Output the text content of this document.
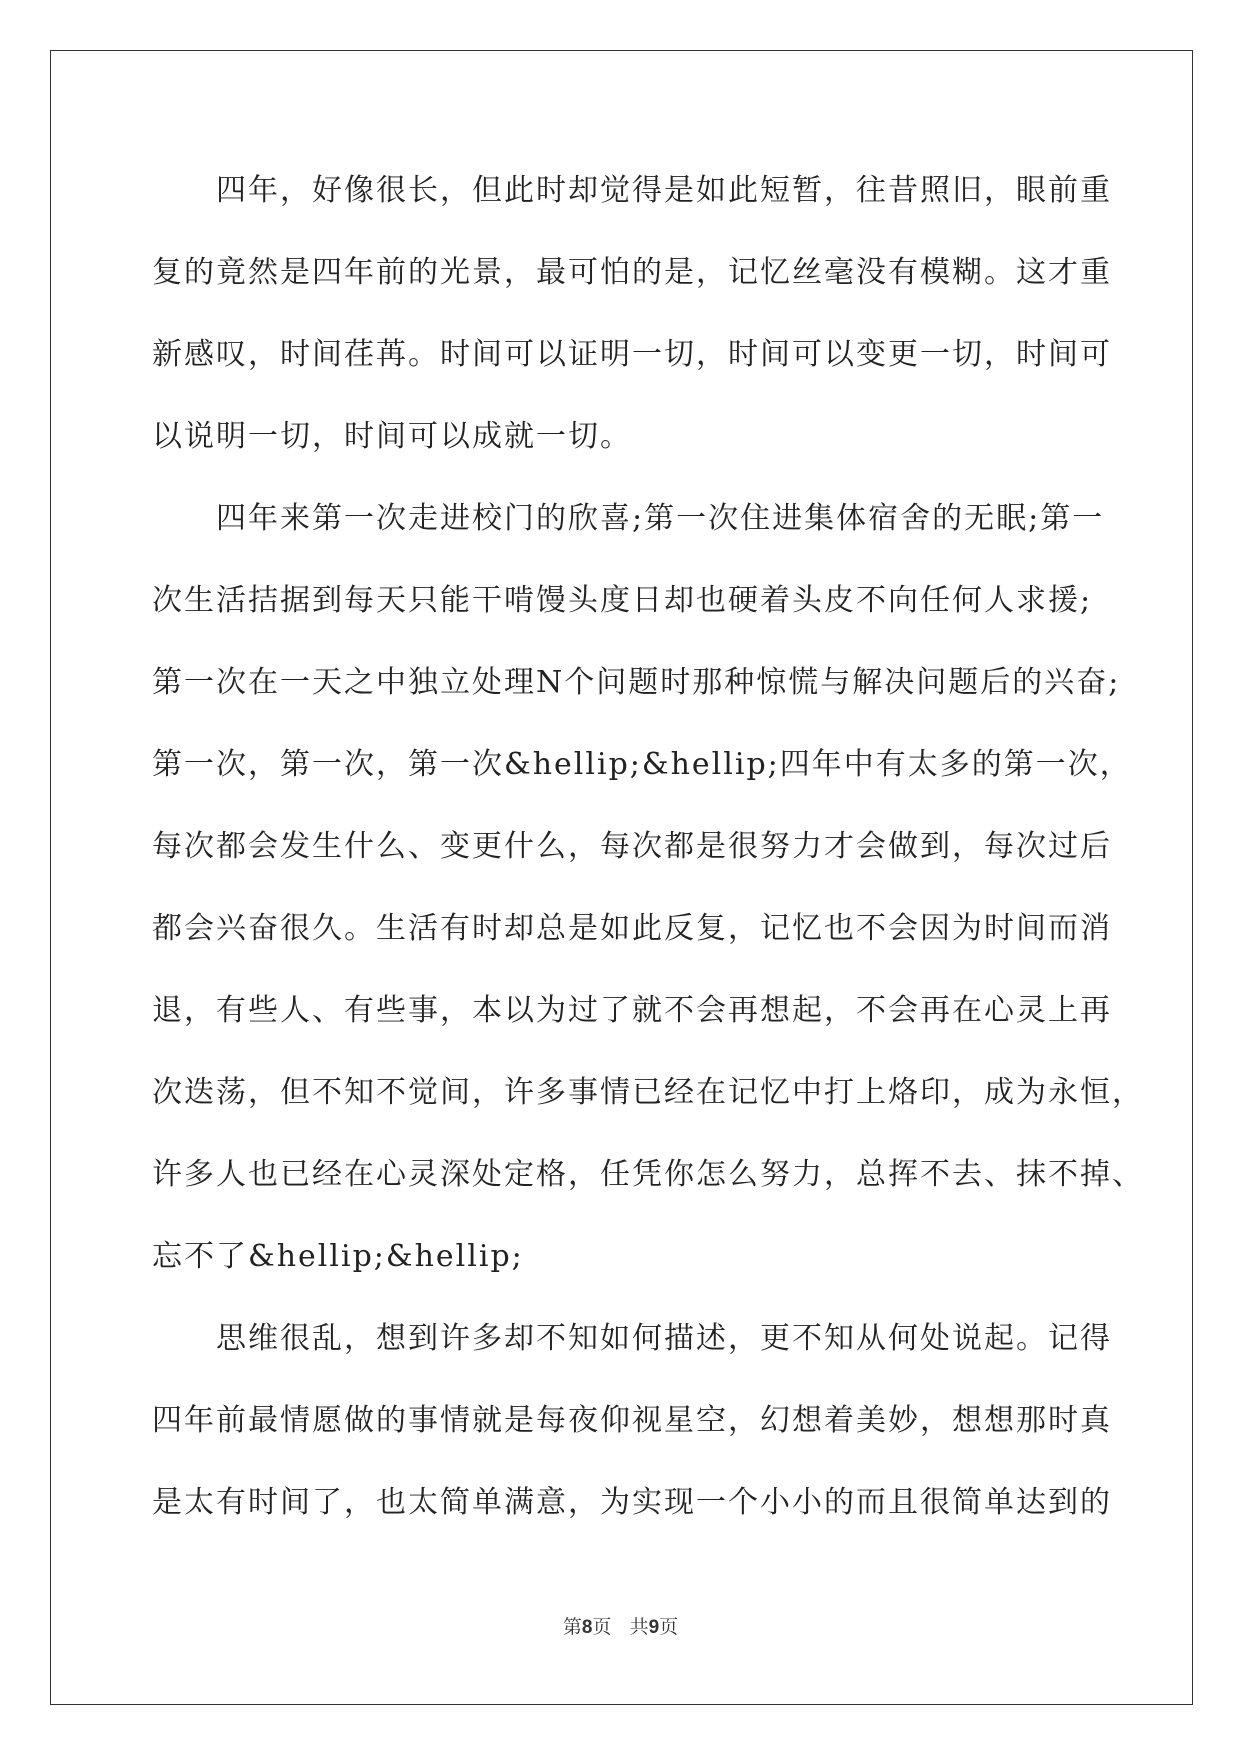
　　四年，好像很长，但此时却觉得是如此短暂，往昔照旧，眼前重
复的竟然是四年前的光景，最可怕的是，记忆丝毫没有模糊。这才重
新感叹，时间荏苒。时间可以证明一切，时间可以变更一切，时间可
以说明一切，时间可以成就一切。
　　四年来第一次走进校门的欣喜;第一次住进集体宿舍的无眠;第一
次生活拮据到每天只能干啃馒头度日却也硬着头皮不向任何人求援;
第一次在一天之中独立处理N个问题时那种惊慌与解决问题后的兴奋;
第一次，第一次，第一次&hellip;&hellip;四年中有太多的第一次，
每次都会发生什么、变更什么，每次都是很努力才会做到，每次过后
都会兴奋很久。生活有时却总是如此反复，记忆也不会因为时间而消
退，有些人、有些事，本以为过了就不会再想起，不会再在心灵上再
次迭荡，但不知不觉间，许多事情已经在记忆中打上烙印，成为永恒，
许多人也已经在心灵深处定格，任凭你怎么努力，总挥不去、抹不掉、
忘不了&hellip;&hellip;
　　思维很乱，想到许多却不知如何描述，更不知从何处说起。记得
四年前最情愿做的事情就是每夜仰视星空，幻想着美妙，想想那时真
是太有时间了，也太简单满意，为实现一个小小的而且很简单达到的
第8页 共9页
